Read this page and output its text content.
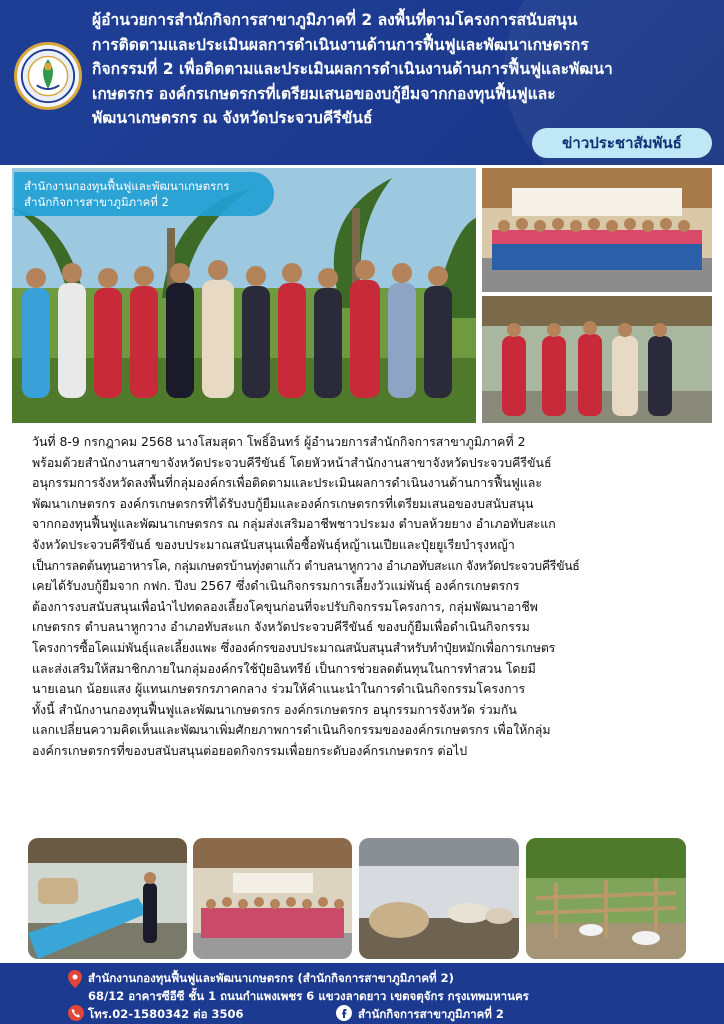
ผู้อำนวยการสำนักกิจการสาขาภูมิภาคที่ 2 ลงพื้นที่ตามโครงการสนับสนุน
การติดตามและประเมินผลการดำเนินงานด้านการฟื้นฟูและพัฒนาเกษตรกร
กิจกรรมที่ 2 เพื่อติดตามและประเมินผลการดำเนินงานด้านการฟื้นฟูและพัฒนา
เกษตรกร องค์กรเกษตรกรที่เตรียมเสนอของบกู้ยืมจากกองทุนฟื้นฟูและ
พัฒนาเกษตรกร ณ จังหวัดประจวบคีรีขันธ์
ข่าวประชาสัมพันธ์
สำนักงานกองทุนฟื้นฟูและพัฒนาเกษตรกร
สำนักกิจการสาขาภูมิภาคที่ 2

วันที่ 8-9 กรกฎาคม 2568 นางโสมสุดา โพธิ์อินทร์ ผู้อำนวยการสำนักกิจการสาขาภูมิภาคที่ 2

พร้อมด้วยสำนักงานสาขาจังหวัดประจวบคีรีขันธ์ โดยหัวหน้าสำนักงานสาขาจังหวัดประจวบคีรีขันธ์

อนุกรรมการจังหวัดลงพื้นที่กลุ่มองค์กรเพื่อติดตามและประเมินผลการดำเนินงานด้านการฟื้นฟูและ

พัฒนาเกษตรกร องค์กรเกษตรกรที่ได้รับงบกู้ยืมและองค์กรเกษตรกรที่เตรียมเสนอของบสนับสนุน

จากกองทุนฟื้นฟูและพัฒนาเกษตรกร ณ กลุ่มส่งเสริมอาชีพชาวประมง ตำบลห้วยยาง อำเภอทับสะแก

จังหวัดประจวบคีรีขันธ์ ของบประมาณสนับสนุนเพื่อซื้อพันธุ์หญ้าเนเปียและปุ๋ยยูเรียบำรุงหญ้า

เป็นการลดต้นทุนอาหารโค, กลุ่มเกษตรบ้านทุ่งตาแก้ว ตำบลนาหูกวาง อำเภอทับสะแก จังหวัดประจวบคีรีขันธ์

เคยได้รับงบกู้ยืมจาก กฟก. ปีงบ 2567 ซึ่งดำเนินกิจกรรมการเลี้ยงวัวแม่พันธุ์ องค์กรเกษตรกร

ต้องการงบสนับสนุนเพื่อนำไปทดลองเลี้ยงโคขุนก่อนที่จะปรับกิจกรรมโครงการ, กลุ่มพัฒนาอาชีพ

เกษตรกร ตำบลนาหูกวาง อำเภอทับสะแก จังหวัดประจวบคีรีขันธ์ ของบกู้ยืมเพื่อดำเนินกิจกรรม

โครงการซื้อโคแม่พันธุ์และเลี้ยงแพะ ซึ่งองค์กรของบประมาณสนับสนุนสำหรับทำปุ๋ยหมักเพื่อการเกษตร

และส่งเสริมให้สมาชิกภายในกลุ่มองค์กรใช้ปุ๋ยอินทรีย์ เป็นการช่วยลดต้นทุนในการทำสวน โดยมี

นายเอนก น้อยแสง ผู้แทนเกษตรกรภาคกลาง ร่วมให้คำแนะนำในการดำเนินกิจกรรมโครงการ

ทั้งนี้ สำนักงานกองทุนฟื้นฟูและพัฒนาเกษตรกร องค์กรเกษตรกร อนุกรรมการจังหวัด ร่วมกัน

แลกเปลี่ยนความคิดเห็นและพัฒนาเพิ่มศักยภาพการดำเนินกิจกรรมขององค์กรเกษตรกร เพื่อให้กลุ่ม

องค์กรเกษตรกรที่ของบสนับสนุนต่อยอดกิจกรรมเพื่อยกระดับองค์กรเกษตรกร ต่อไป

สำนักงานกองทุนฟื้นฟูและพัฒนาเกษตรกร (สำนักกิจการสาขาภูมิภาคที่ 2)
68/12 อาคารซีอีซี ชั้น 1 ถนนกำแพงเพชร 6 แขวงลาดยาว เขตจตุจักร กรุงเทพมหานคร
โทร.02-1580342 ต่อ 3506	สำนักกิจการสาขาภูมิภาคที่ 2
